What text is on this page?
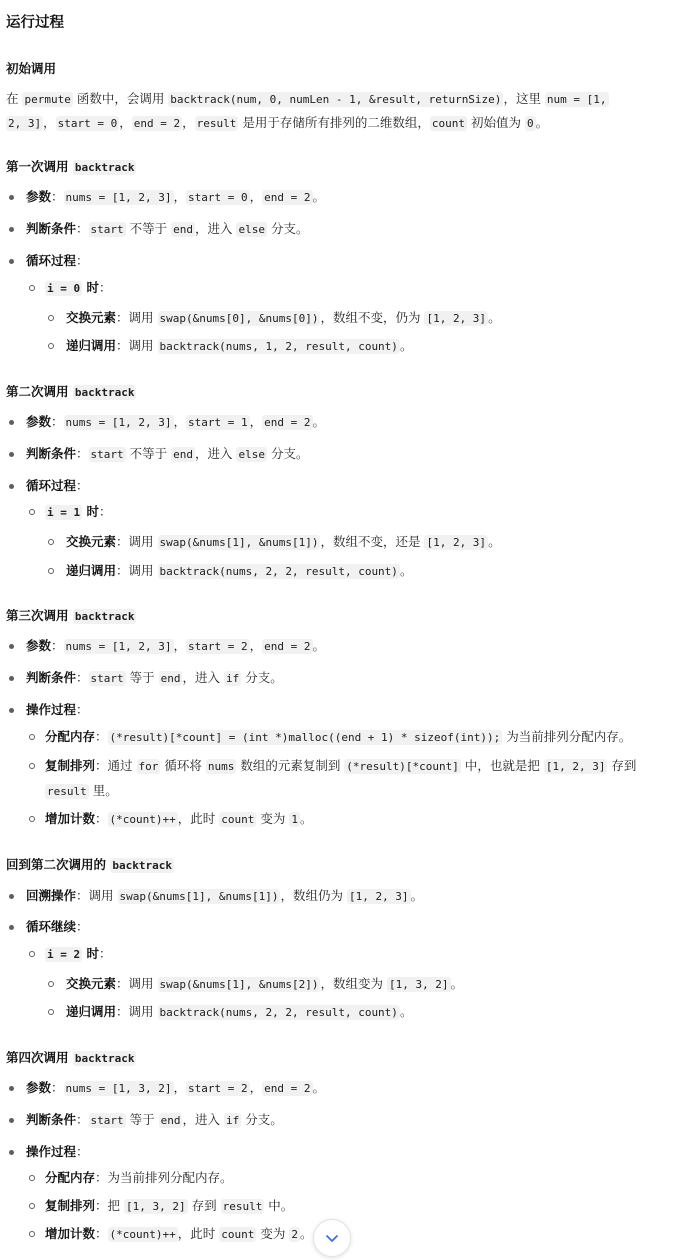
运行过程
初始调用
在 permute 函数中，会调用 backtrack(num, 0, numLen - 1, &result, returnSize) ，这里 num = [1,
2, 3] ， start = 0 ， end = 2 ， result 是用于存储所有排列的二维数组， count 初始值为 0 。
第一次调用 backtrack
参数： nums = [1, 2, 3] ， start = 0 ， end = 2 。
判断条件： start 不等于 end ，进入 else 分支。
循环过程：
i = 0 时：
交换元素：调用 swap(&nums[0], &nums[0]) ，数组不变，仍为 [1, 2, 3] 。
递归调用：调用 backtrack(nums, 1, 2, result, count) 。
第二次调用 backtrack
参数： nums = [1, 2, 3] ， start = 1 ， end = 2 。
判断条件： start 不等于 end ，进入 else 分支。
循环过程：
i = 1 时：
交换元素：调用 swap(&nums[1], &nums[1]) ，数组不变，还是 [1, 2, 3] 。
递归调用：调用 backtrack(nums, 2, 2, result, count) 。
第三次调用 backtrack
参数： nums = [1, 2, 3] ， start = 2 ， end = 2 。
判断条件： start 等于 end ，进入 if 分支。
操作过程：
分配内存： (*result)[*count] = (int *)malloc((end + 1) * sizeof(int)); 为当前排列分配内存。
复制排列：通过 for 循环将 nums 数组的元素复制到 (*result)[*count] 中，也就是把 [1, 2, 3] 存到
result 里。
增加计数： (*count)++ ，此时 count 变为 1 。
回到第二次调用的 backtrack
回溯操作：调用 swap(&nums[1], &nums[1]) ，数组仍为 [1, 2, 3] 。
循环继续：
i = 2 时：
交换元素：调用 swap(&nums[1], &nums[2]) ，数组变为 [1, 3, 2] 。
递归调用：调用 backtrack(nums, 2, 2, result, count) 。
第四次调用 backtrack
参数： nums = [1, 3, 2] ， start = 2 ， end = 2 。
判断条件： start 等于 end ，进入 if 分支。
操作过程：
分配内存：为当前排列分配内存。
复制排列：把 [1, 3, 2] 存到 result 中。
增加计数： (*count)++ ，此时 count 变为 2 。
